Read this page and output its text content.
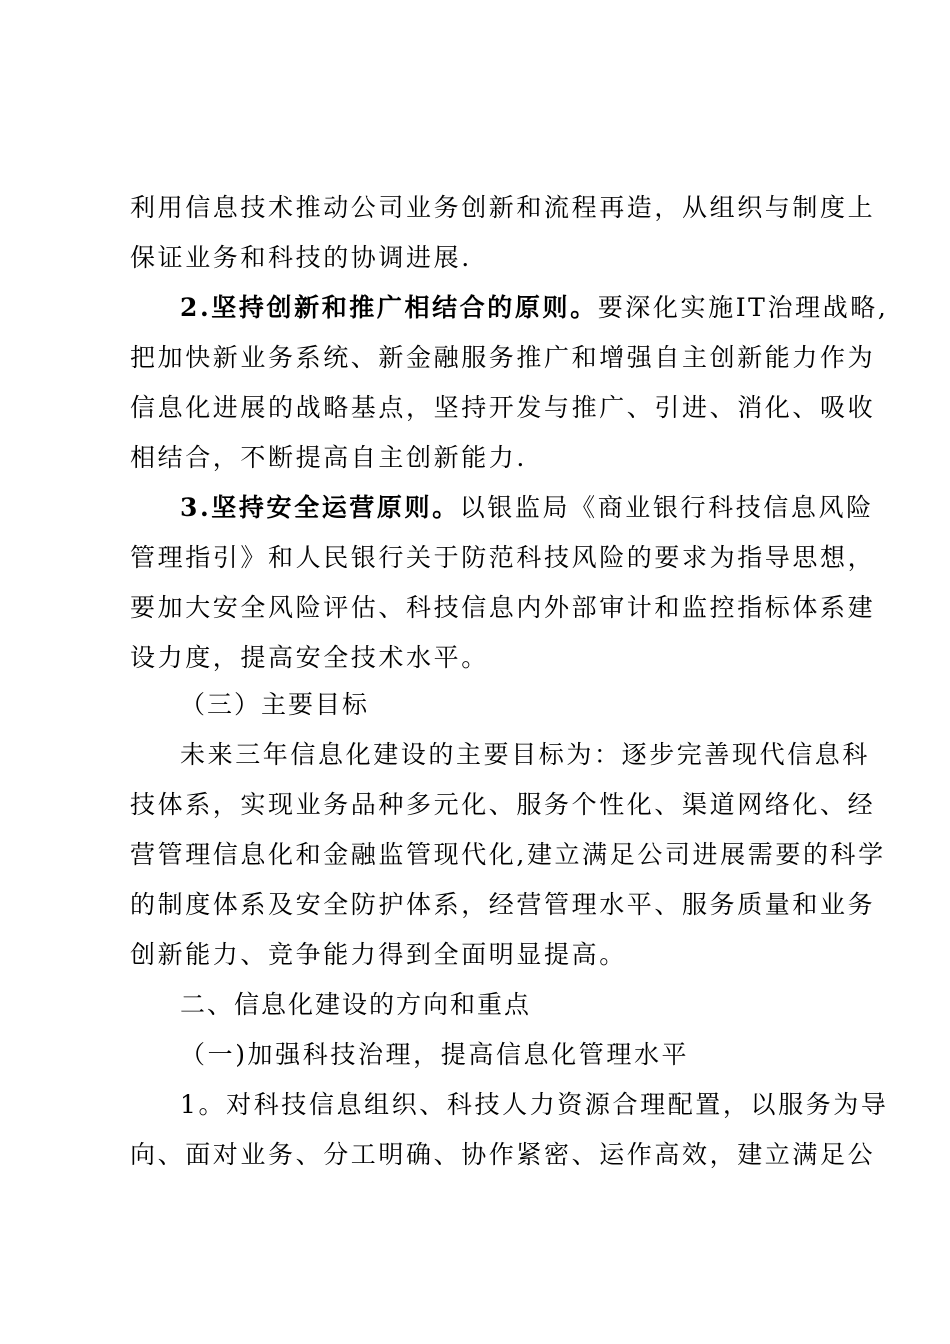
利用信息技术推动公司业务创新和流程再造，从组织与制度上
保证业务和科技的协调进展.
2.坚持创新和推广相结合的原则。要深化实施IT治理战略,
把加快新业务系统、新金融服务推广和增强自主创新能力作为
信息化进展的战略基点，坚持开发与推广、引进、消化、吸收
相结合，不断提高自主创新能力.
3.坚持安全运营原则。以银监局《商业银行科技信息风险
管理指引》和人民银行关于防范科技风险的要求为指导思想，
要加大安全风险评估、科技信息内外部审计和监控指标体系建
设力度，提高安全技术水平。
（三）主要目标
未来三年信息化建设的主要目标为：逐步完善现代信息科
技体系，实现业务品种多元化、服务个性化、渠道网络化、经
营管理信息化和金融监管现代化,建立满足公司进展需要的科学
的制度体系及安全防护体系，经营管理水平、服务质量和业务
创新能力、竞争能力得到全面明显提高。
二、信息化建设的方向和重点
（一)加强科技治理，提高信息化管理水平
1。对科技信息组织、科技人力资源合理配置，以服务为导
向、面对业务、分工明确、协作紧密、运作高效，建立满足公
